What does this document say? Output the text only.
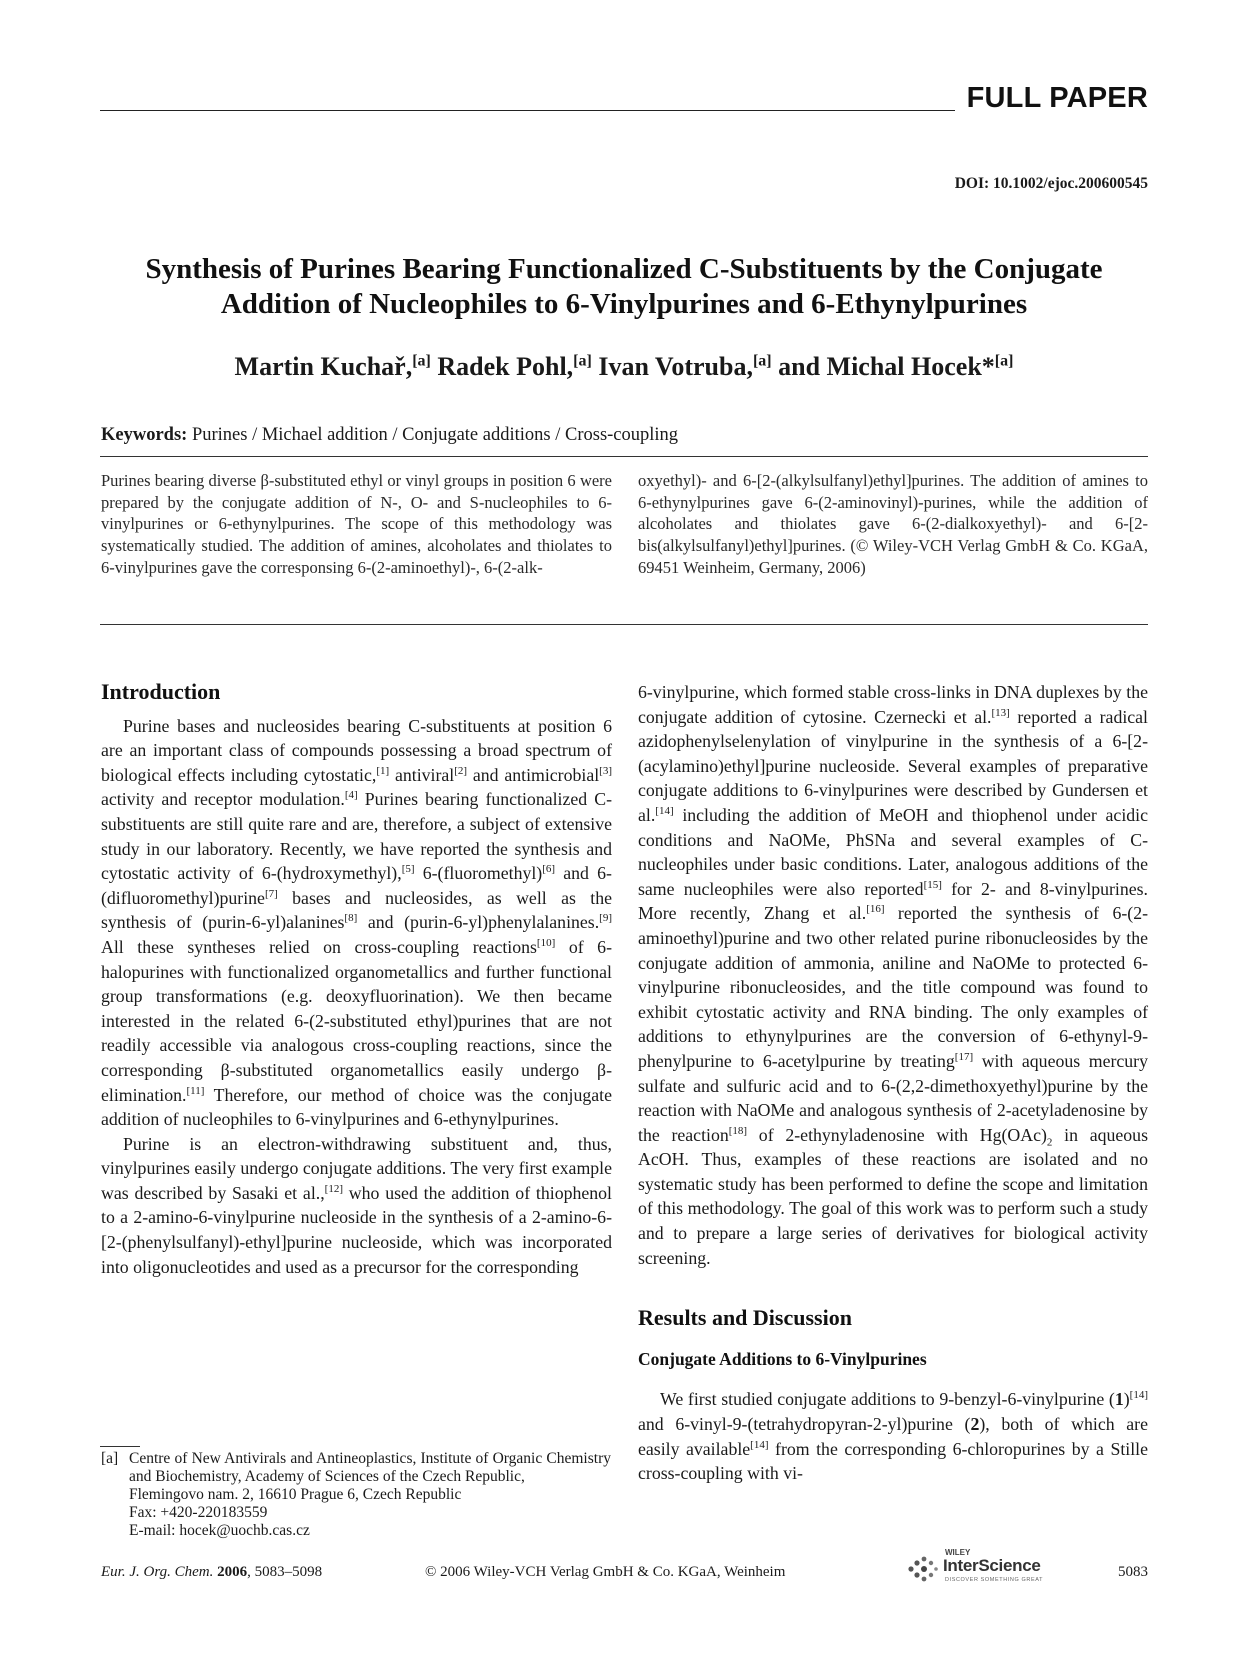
FULL PAPER
DOI: 10.1002/ejoc.200600545
Synthesis of Purines Bearing Functionalized C-Substituents by the Conjugate Addition of Nucleophiles to 6-Vinylpurines and 6-Ethynylpurines
Martin Kuchař,[a] Radek Pohl,[a] Ivan Votruba,[a] and Michal Hocek*[a]
Keywords: Purines / Michael addition / Conjugate additions / Cross-coupling

Purines bearing diverse β-substituted ethyl or vinyl groups in position 6 were prepared by the conjugate addition of N-, O- and S-nucleophiles to 6-vinylpurines or 6-ethynylpurines. The scope of this methodology was systematically studied. The addition of amines, alcoholates and thiolates to 6-vinylpurines gave the corresponsing 6-(2-aminoethyl)-, 6-(2-alk-

oxyethyl)- and 6-[2-(alkylsulfanyl)ethyl]purines. The addition of amines to 6-ethynylpurines gave 6-(2-aminovinyl)-purines, while the addition of alcoholates and thiolates gave 6-(2-dialkoxyethyl)- and 6-[2-bis(alkylsulfanyl)ethyl]purines. (© Wiley-VCH Verlag GmbH & Co. KGaA, 69451 Weinheim, Germany, 2006)

Introduction

Purine bases and nucleosides bearing C-substituents at position 6 are an important class of compounds possessing a broad spectrum of biological effects including cytostatic,[1] antiviral[2] and antimicrobial[3] activity and receptor modulation.[4] Purines bearing functionalized C-substituents are still quite rare and are, therefore, a subject of extensive study in our laboratory. Recently, we have reported the synthesis and cytostatic activity of 6-(hydroxymethyl),[5] 6-(fluoromethyl)[6] and 6-(difluoromethyl)purine[7] bases and nucleosides, as well as the synthesis of (purin-6-yl)alanines[8] and (purin-6-yl)phenylalanines.[9] All these syntheses relied on cross-coupling reactions[10] of 6-halopurines with functionalized organometallics and further functional group transformations (e.g. deoxyfluorination). We then became interested in the related 6-(2-substituted ethyl)purines that are not readily accessible via analogous cross-coupling reactions, since the corresponding β-substituted organometallics easily undergo β-elimination.[11] Therefore, our method of choice was the conjugate addition of nucleophiles to 6-vinylpurines and 6-ethynylpurines.

Purine is an electron-withdrawing substituent and, thus, vinylpurines easily undergo conjugate additions. The very first example was described by Sasaki et al.,[12] who used the addition of thiophenol to a 2-amino-6-vinylpurine nucleoside in the synthesis of a 2-amino-6-[2-(phenylsulfanyl)-ethyl]purine nucleoside, which was incorporated into oligonucleotides and used as a precursor for the corresponding

6-vinylpurine, which formed stable cross-links in DNA duplexes by the conjugate addition of cytosine. Czernecki et al.[13] reported a radical azidophenylselenylation of vinylpurine in the synthesis of a 6-[2-(acylamino)ethyl]purine nucleoside. Several examples of preparative conjugate additions to 6-vinylpurines were described by Gundersen et al.[14] including the addition of MeOH and thiophenol under acidic conditions and NaOMe, PhSNa and several examples of C-nucleophiles under basic conditions. Later, analogous additions of the same nucleophiles were also reported[15] for 2- and 8-vinylpurines. More recently, Zhang et al.[16] reported the synthesis of 6-(2-aminoethyl)purine and two other related purine ribonucleosides by the conjugate addition of ammonia, aniline and NaOMe to protected 6-vinylpurine ribonucleosides, and the title compound was found to exhibit cytostatic activity and RNA binding. The only examples of additions to ethynylpurines are the conversion of 6-ethynyl-9-phenylpurine to 6-acetylpurine by treating[17] with aqueous mercury sulfate and sulfuric acid and to 6-(2,2-dimethoxyethyl)purine by the reaction with NaOMe and analogous synthesis of 2-acetyladenosine by the reaction[18] of 2-ethynyladenosine with $Hg(OAc)_2$ in aqueous AcOH. Thus, examples of these reactions are isolated and no systematic study has been performed to define the scope and limitation of this methodology. The goal of this work was to perform such a study and to prepare a large series of derivatives for biological activity screening.

Results and Discussion
Conjugate Additions to 6-Vinylpurines

We first studied conjugate additions to 9-benzyl-6-vinylpurine (1)[14] and 6-vinyl-9-(tetrahydropyran-2-yl)purine (2), both of which are easily available[14] from the corresponding 6-chloropurines by a Stille cross-coupling with vi-

[a] Centre of New Antivirals and Antineoplastics, Institute of Organic Chemistry and Biochemistry, Academy of Sciences of the Czech Republic,
Flemingovo nam. 2, 16610 Prague 6, Czech Republic
Fax: +420-220183559
E-mail: hocek@uochb.cas.cz
Eur. J. Org. Chem. 2006, 5083–5098	© 2006 Wiley-VCH Verlag GmbH & Co. KGaA, Weinheim
WILEY
InterScience
DISCOVER SOMETHING GREAT	5083
